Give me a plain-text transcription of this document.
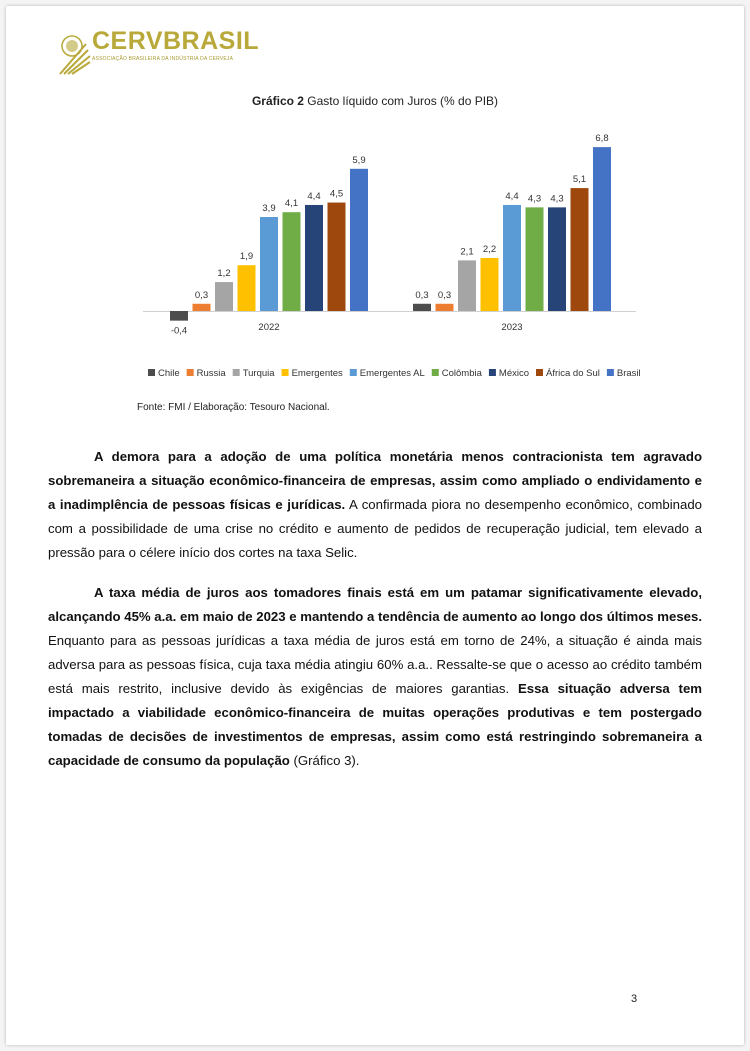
CERVBRASIL
ASSOCIAÇÃO BRASILEIRA DA INDÚSTRIA DA CERVEJA
Gráfico 2 Gasto líquido com Juros (% do PIB)
-0,4
0,3
1,2
1,9
3,9 4,1
4,4 4,5
5,9
2022
0,3 0,3
2,1 2,2
4,4 4,3 4,3
5,1
6,8
2023
Chile Russia Turquia Emergentes Emergentes AL Colômbia México África do Sul Brasil
Fonte: FMI / Elaboração: Tesouro Nacional.

A demora para a adoção de uma política monetária menos contracionista tem agravado sobremaneira a situação econômico-financeira de empresas, assim como ampliado o endividamento e a inadimplência de pessoas físicas e jurídicas. A confirmada piora no desempenho econômico, combinado com a possibilidade de uma crise no crédito e aumento de pedidos de recuperação judicial, tem elevado a pressão para o célere início dos cortes na taxa Selic.

A taxa média de juros aos tomadores finais está em um patamar significativamente elevado, alcançando 45% a.a. em maio de 2023 e mantendo a tendência de aumento ao longo dos últimos meses. Enquanto para as pessoas jurídicas a taxa média de juros está em torno de 24%, a situação é ainda mais adversa para as pessoas física, cuja taxa média atingiu 60% a.a.. Ressalte-se que o acesso ao crédito também está mais restrito, inclusive devido às exigências de maiores garantias. Essa situação adversa tem impactado a viabilidade econômico-financeira de muitas operações produtivas e tem postergado tomadas de decisões de investimentos de empresas, assim como está restringindo sobremaneira a capacidade de consumo da população (Gráfico 3).

3
